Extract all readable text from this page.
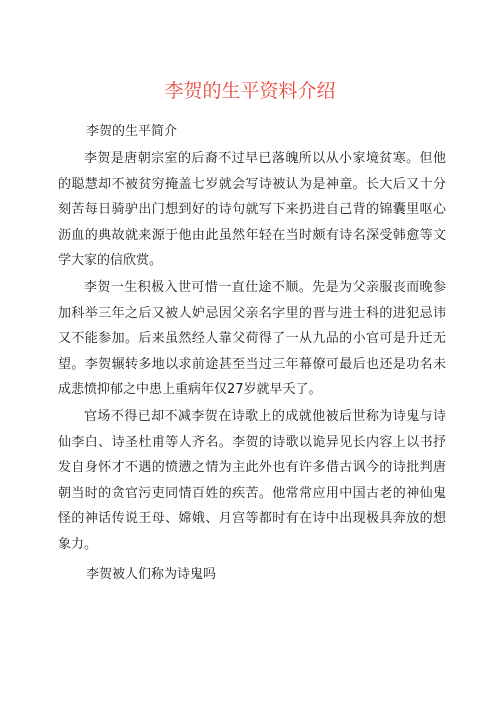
李贺的生平资料介绍
李贺的生平简介

李贺是唐朝宗室的后裔不过早已落魄所以从小家境贫寒。但他的聪慧却不被贫穷掩盖七岁就会写诗被认为是神童。长大后又十分刻苦每日骑驴出门想到好的诗句就写下来扔进自己背的锦囊里呕心沥血的典故就来源于他由此虽然年轻在当时颇有诗名深受韩愈等文学大家的信欣赏。

李贺一生积极入世可惜一直仕途不顺。先是为父亲服丧而晚参加科举三年之后又被人妒忌因父亲名字里的晋与进士科的进犯忌讳又不能参加。后来虽然经人靠父荷得了一从九品的小官可是升迁无望。李贺辗转多地以求前途甚至当过三年幕僚可最后也还是功名未成悲愤抑郁之中患上重病年仅27岁就早夭了。

官场不得已却不减李贺在诗歌上的成就他被后世称为诗鬼与诗仙李白、诗圣杜甫等人齐名。李贺的诗歌以诡异见长内容上以书抒发自身怀才不遇的愤懑之情为主此外也有许多借古讽今的诗批判唐朝当时的贪官污吏同情百姓的疾苦。他常常应用中国古老的神仙鬼怪的神话传说王母、嫦娥、月宫等都时有在诗中出现极具奔放的想象力。

李贺被人们称为诗鬼吗
